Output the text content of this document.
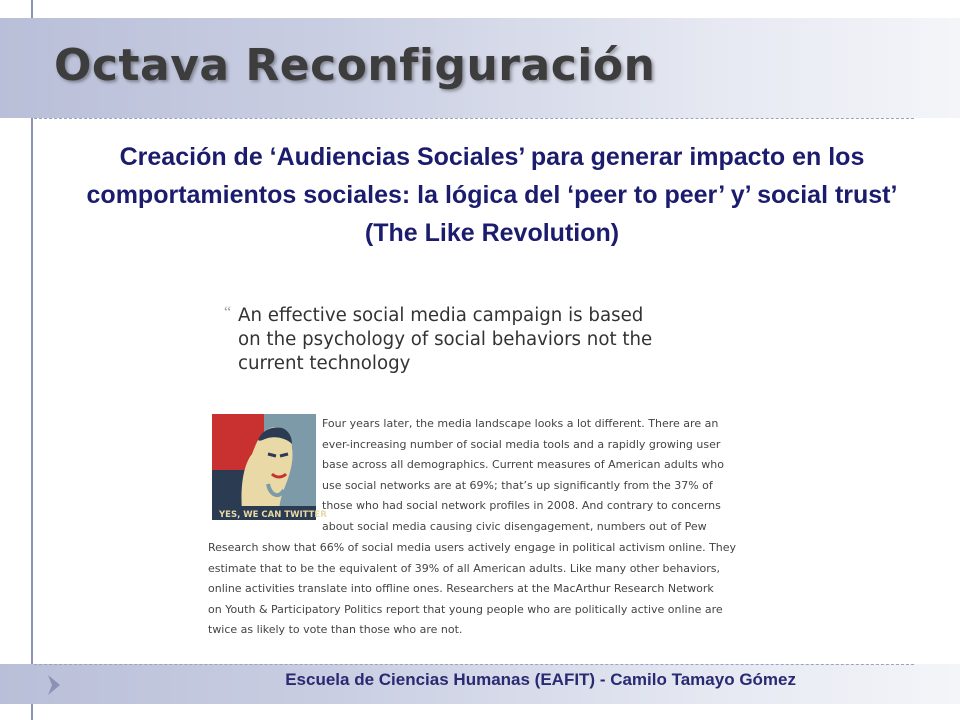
Octava Reconfiguración
Creación de ‘Audiencias Sociales’ para generar impacto en los comportamientos sociales: la lógica del ‘peer to peer’ y’ social trust’ (The Like Revolution)
“ An effective social media campaign is based
on the psychology of social behaviors not the
current technology
YES, WE CAN TWITTER
Four years later, the media landscape looks a lot different. There are an
ever-increasing number of social media tools and a rapidly growing user
base across all demographics. Current measures of American adults who
use social networks are at 69%; that’s up significantly from the 37% of
those who had social network profiles in 2008. And contrary to concerns
about social media causing civic disengagement, numbers out of Pew
Research show that 66% of social media users actively engage in political activism online. They
estimate that to be the equivalent of 39% of all American adults. Like many other behaviors,
online activities translate into offline ones. Researchers at the MacArthur Research Network
on Youth & Participatory Politics report that young people who are politically active online are
twice as likely to vote than those who are not.
Escuela de Ciencias Humanas (EAFIT) - Camilo Tamayo Gómez
